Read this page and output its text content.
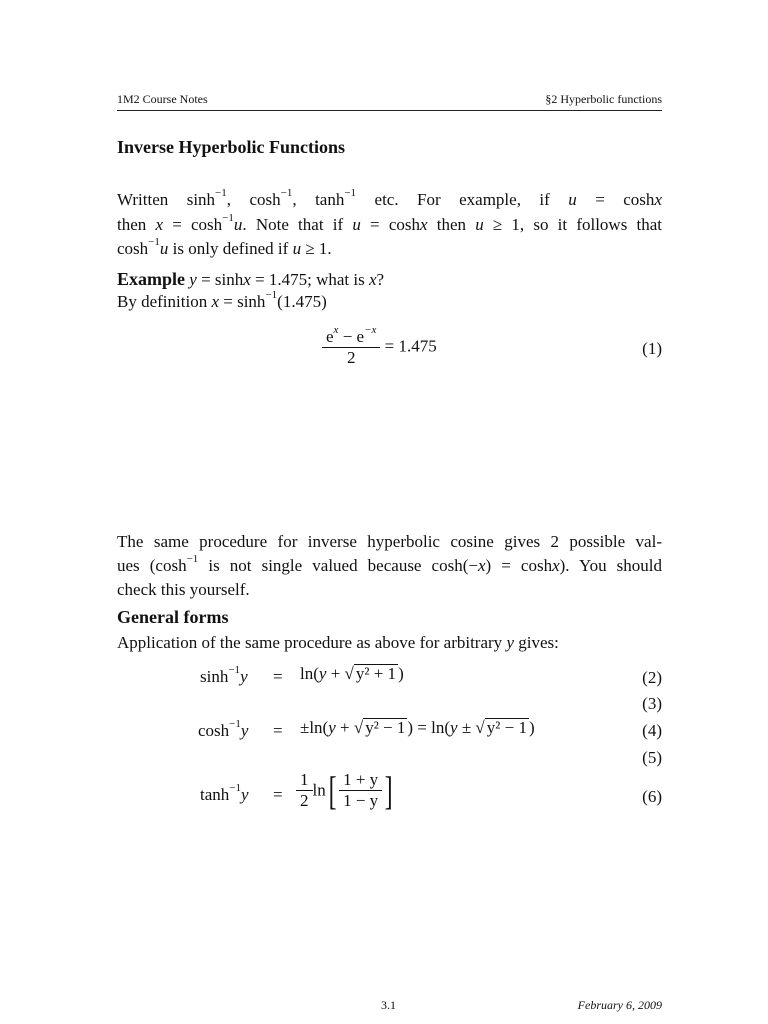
1M2 Course Notes	§2 Hyperbolic functions
Inverse Hyperbolic Functions
Written $\sinh^{-1}$, $\cosh^{-1}$, $\tanh^{-1}$ etc. For example, if u = coshx
then $x = \cosh^{-1}u$. Note that if u = coshx then u ≥ 1, so it follows that
$\cosh^{-1}u$ is only defined if u ≥ 1.
Example y = sinhx = 1.475; what is x?
By definition $x = \sinh^{-1}(1.475)$
$\frac{e^x - e^{-x}}{2} = 1.475$	(1)
The same procedure for inverse hyperbolic cosine gives 2 possible val-
ues ($\cosh^{-1}$ is not single valued because cosh(−x) = coshx). You should
check this yourself.
General forms
Application of the same procedure as above for arbitrary y gives:
$\sinh^{-1}y$	= ln(y + √ y² + 1 )	(2)
(3)
$\cosh^{-1}y = \pm\ln(y$ + √ y² − 1 ) = ln(y ± √ y² − 1 )	(4)
(5)
$\tanh^{-1}y = \frac{1}{2} \ln[ \frac{1 + y}{1 - y}$ ]	(6)
3.1	February 6, 2009
